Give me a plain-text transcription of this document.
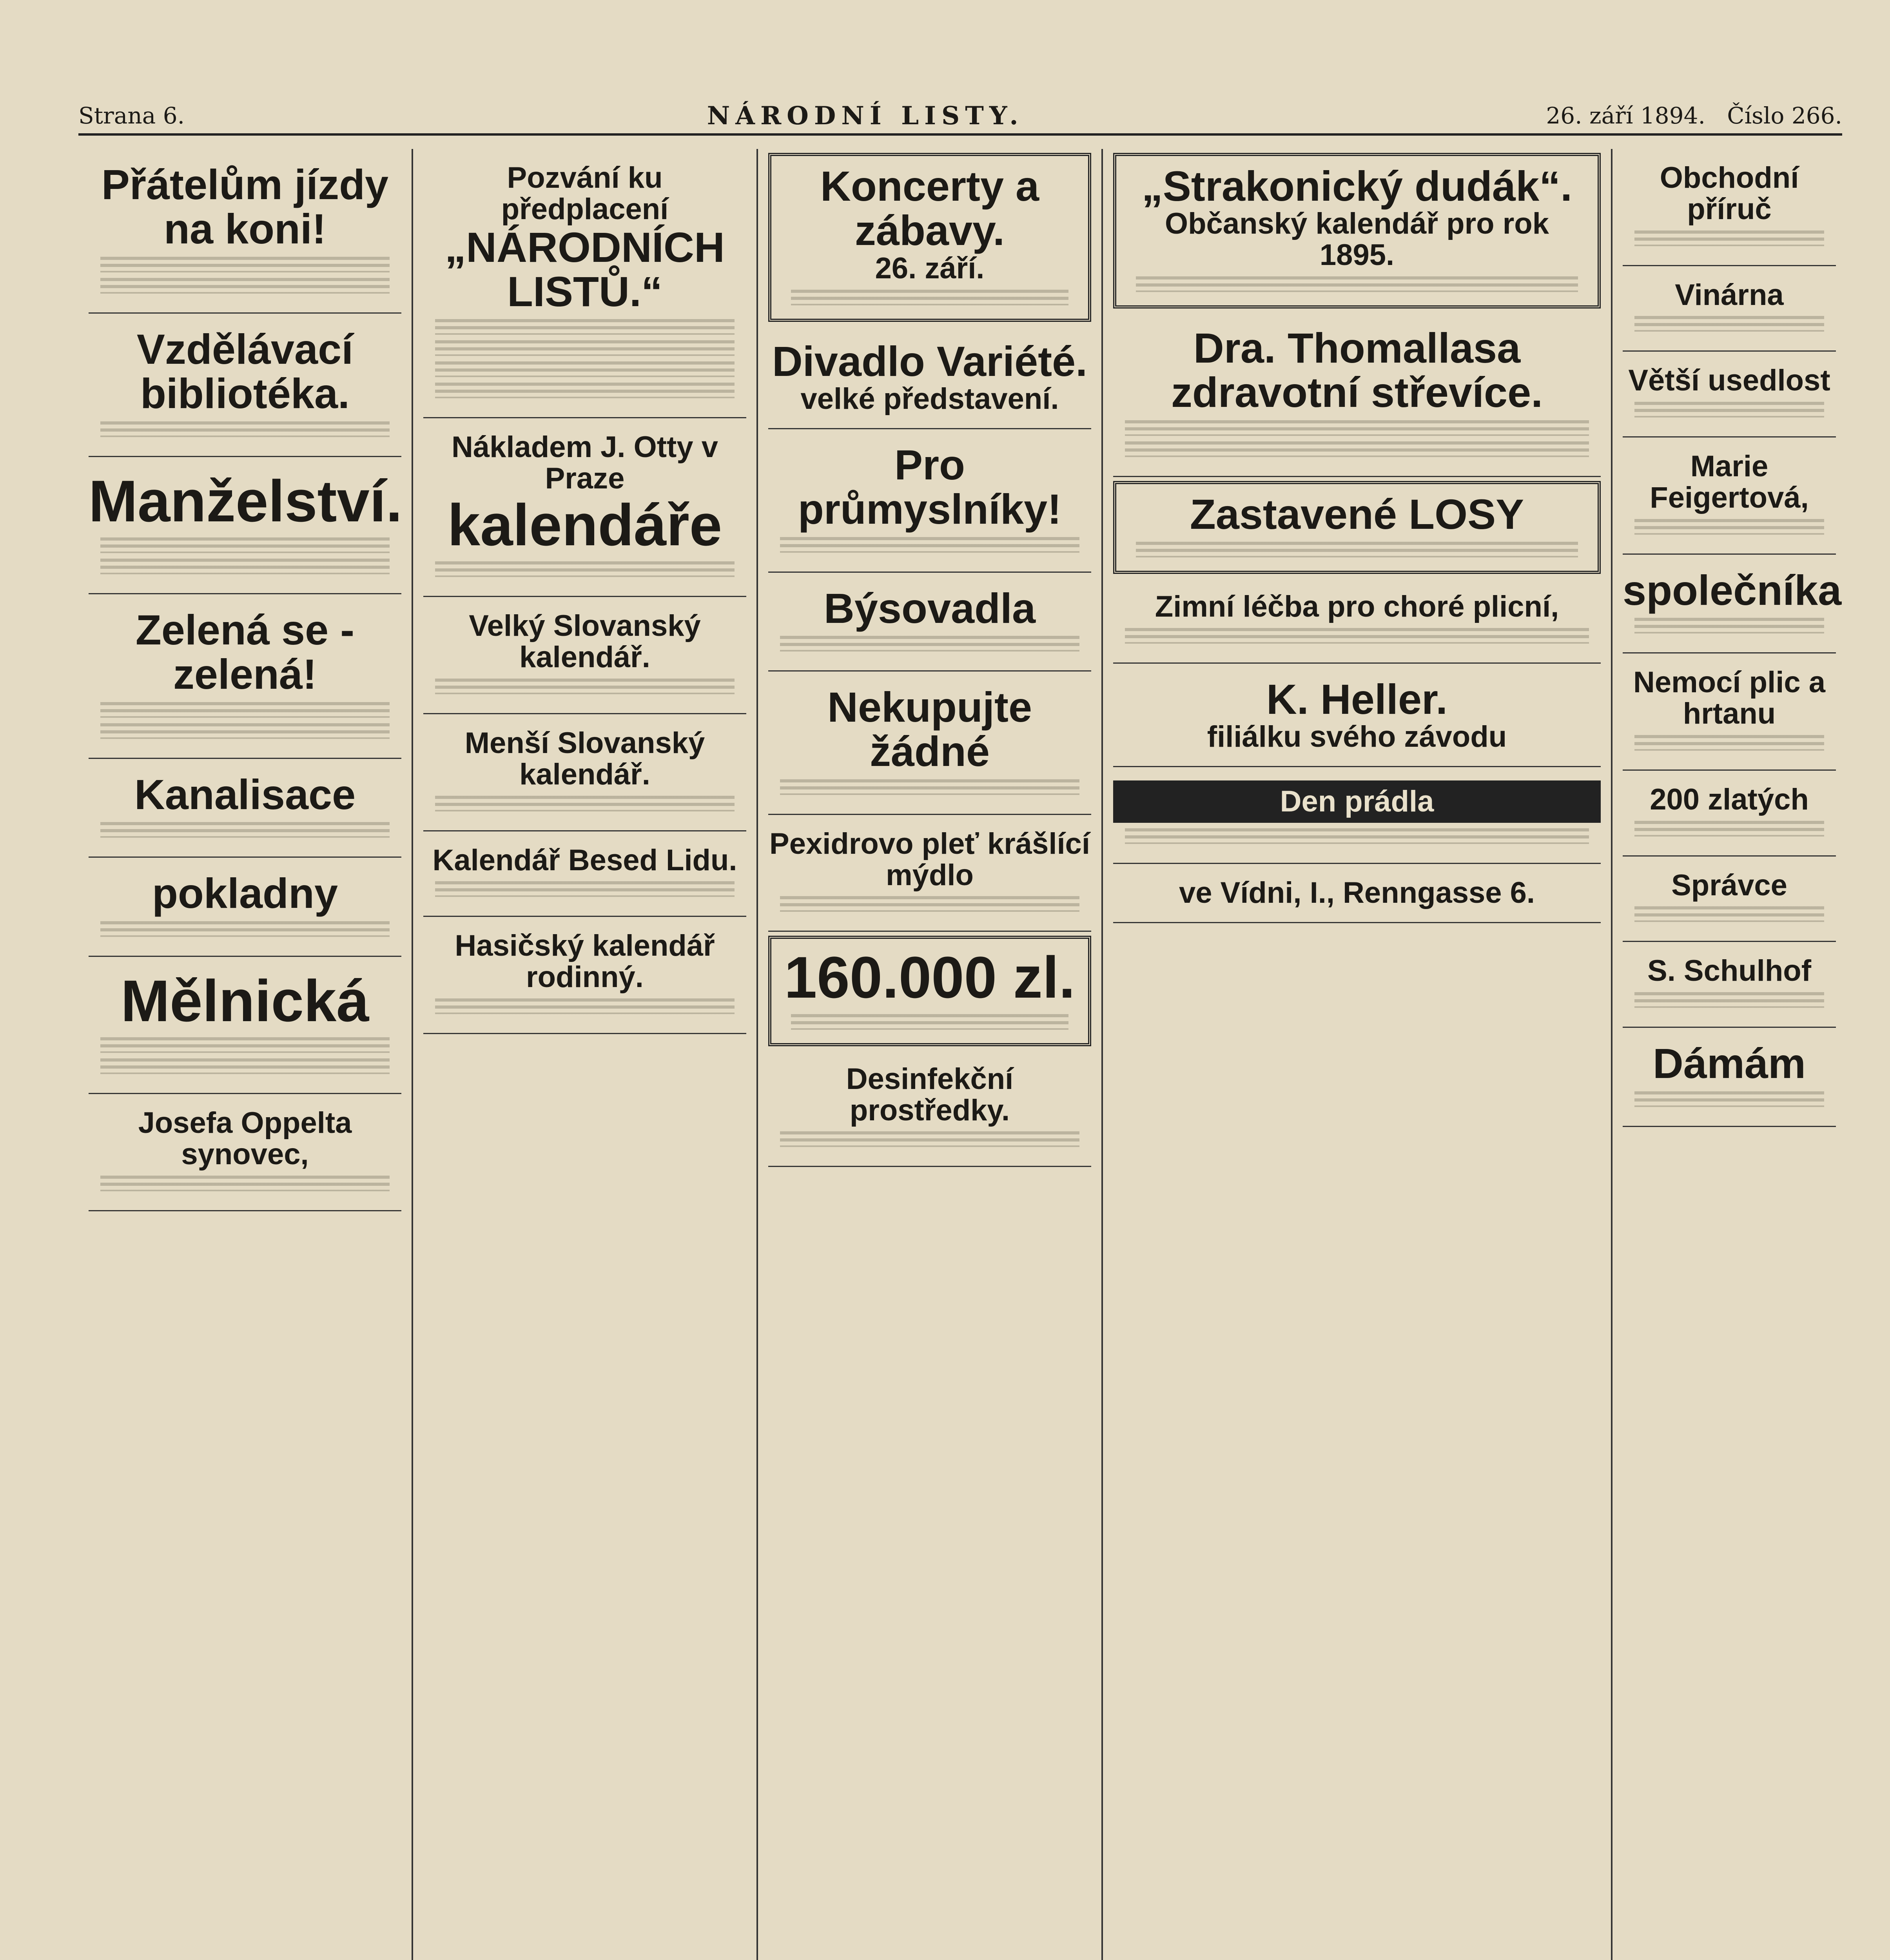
Strana 6.	NÁRODNÍ LISTY.	26. září 1894. Číslo 266.
Přátelům jízdy na koni!
Vzdělávací bibliotéka.
Manželství.
Zelená se - zelená!
Kanalisace
pokladny
Mělnická
Josefa Oppelta synovec,
Pozvání ku předplacení
„NÁRODNÍCH LISTŮ.“
Nákladem J. Otty v Praze
kalendáře
Velký Slovanský kalendář.
Menší Slovanský kalendář.
Kalendář Besed Lidu.
Hasičský kalendář rodinný.
Koncerty a zábavy.
26. září.
Divadlo Variété.
velké představení.
Pro průmyslníky!
Býsovadla
Nekupujte žádné
Pexidrovo pleť krášlící mýdlo
160.000 zl.
Desinfekční prostředky.
„Strakonický dudák“.
Občanský kalendář pro rok 1895.
Dra. Thomallasa zdravotní střevíce.
Zastavené LOSY
Zimní léčba pro choré plicní,
K. Heller.
filiálku svého závodu
Den prádla
ve Vídni, I., Renngasse 6.
Obchodní příruč
Vinárna
Větší usedlost
Marie Feigertová,
společníka
Nemocí plic a hrtanu
200 zlatých
Správce
S. Schulhof
Dámám
